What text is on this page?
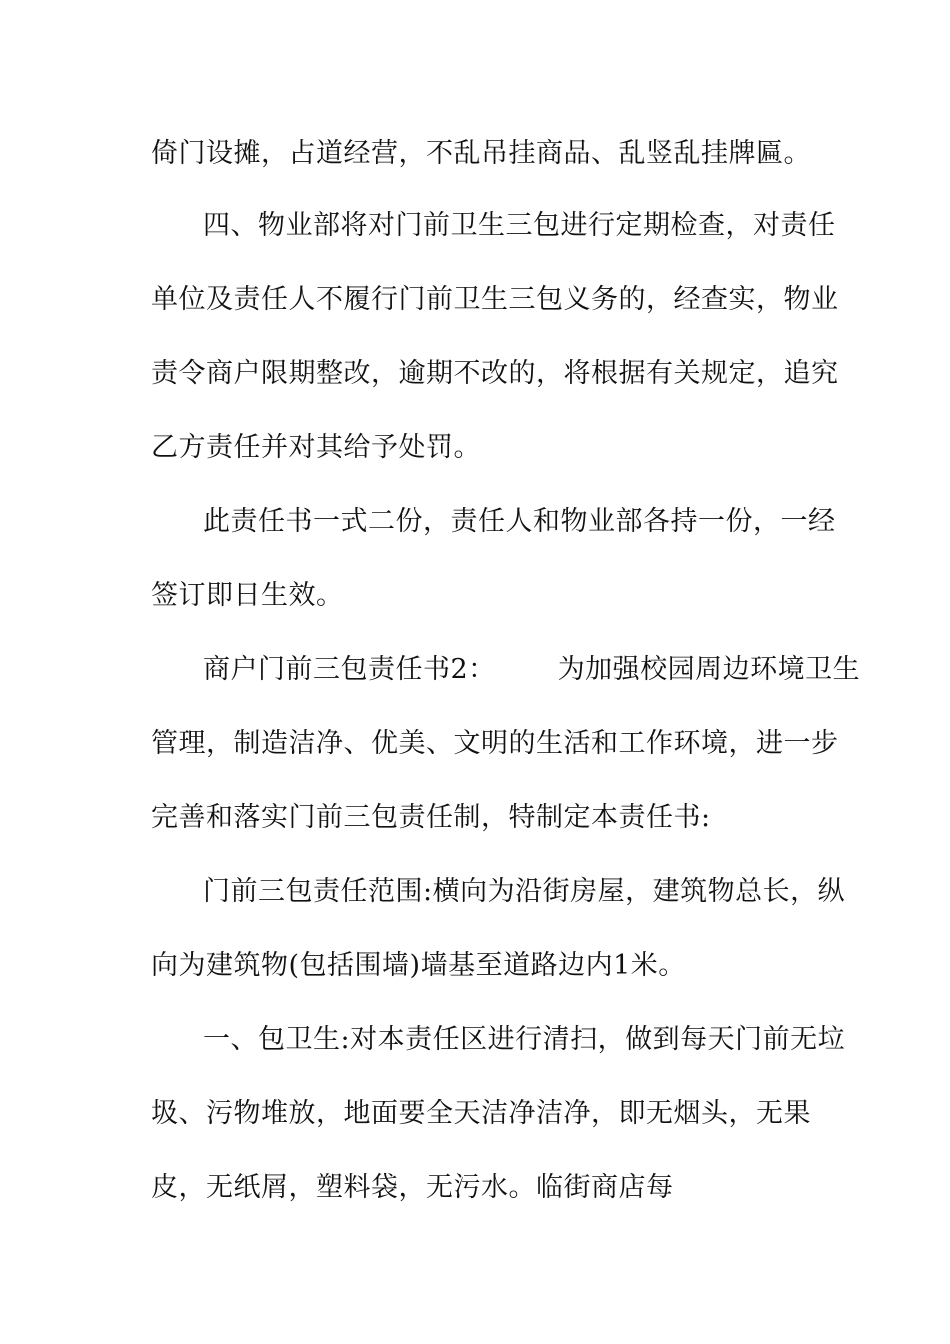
倚门设摊，占道经营，不乱吊挂商品、乱竖乱挂牌匾。
四、物业部将对门前卫生三包进行定期检查，对责任
单位及责任人不履行门前卫生三包义务的，经查实，物业
责令商户限期整改，逾期不改的，将根据有关规定，追究
乙方责任并对其给予处罚。
此责任书一式二份，责任人和物业部各持一份，一经
签订即日生效。
商户门前三包责任书2： 为加强校园周边环境卫生
管理，制造洁净、优美、文明的生活和工作环境，进一步
完善和落实门前三包责任制，特制定本责任书:
门前三包责任范围:横向为沿街房屋，建筑物总长，纵
向为建筑物(包括围墙)墙基至道路边内1米。
一、包卫生:对本责任区进行清扫，做到每天门前无垃
圾、污物堆放，地面要全天洁净洁净，即无烟头，无果
皮，无纸屑，塑料袋，无污水。临街商店每
